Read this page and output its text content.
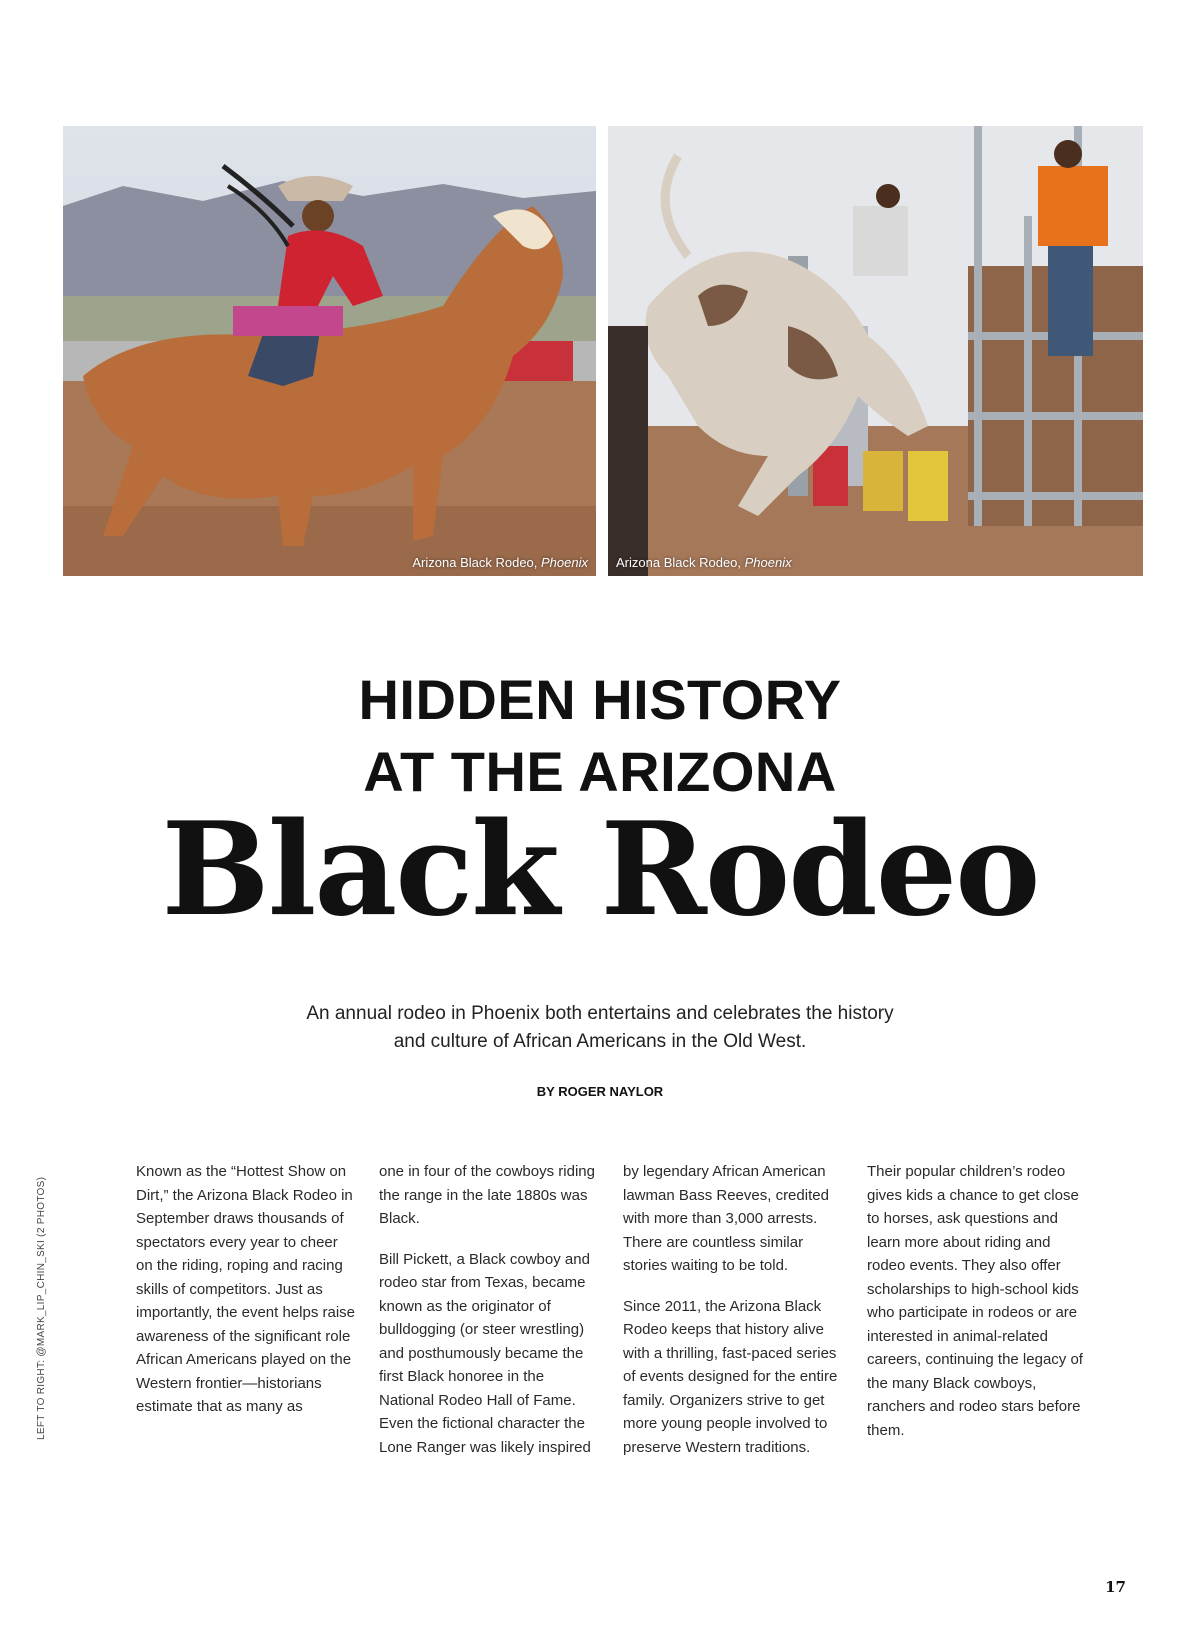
Arizona Black Rodeo, Phoenix Arizona Black Rodeo, Phoenix
HIDDEN HISTORY
AT THE ARIZONA
Black Rodeo
An annual rodeo in Phoenix both entertains and celebrates the history and culture of African Americans in the Old West.
BY ROGER NAYLOR

Known as the “Hottest Show on Dirt,” the Arizona Black Rodeo in September draws thousands of spectators every year to cheer on the riding, roping and racing skills of competitors. Just as importantly, the event helps raise awareness of the significant role African Americans played on the Western frontier—historians estimate that as many as

one in four of the cowboys riding the range in the late 1880s was Black.

Bill Pickett, a Black cowboy and rodeo star from Texas, became known as the originator of bulldogging (or steer wrestling) and posthumously became the first Black honoree in the National Rodeo Hall of Fame. Even the fictional character the Lone Ranger was likely inspired

by legendary African American lawman Bass Reeves, credited with more than 3,000 arrests. There are countless similar stories waiting to be told.

Since 2011, the Arizona Black Rodeo keeps that history alive with a thrilling, fast-paced series of events designed for the entire family. Organizers strive to get more young people involved to preserve Western traditions.

Their popular children’s rodeo gives kids a chance to get close to horses, ask questions and learn more about riding and rodeo events. They also offer scholarships to high-school kids who participate in rodeos or are interested in animal-related careers, continuing the legacy of the many Black cowboys, ranchers and rodeo stars before them.

LEFT TO RIGHT: @MARK_LIP_CHIN_SKI (2 PHOTOS)
17
